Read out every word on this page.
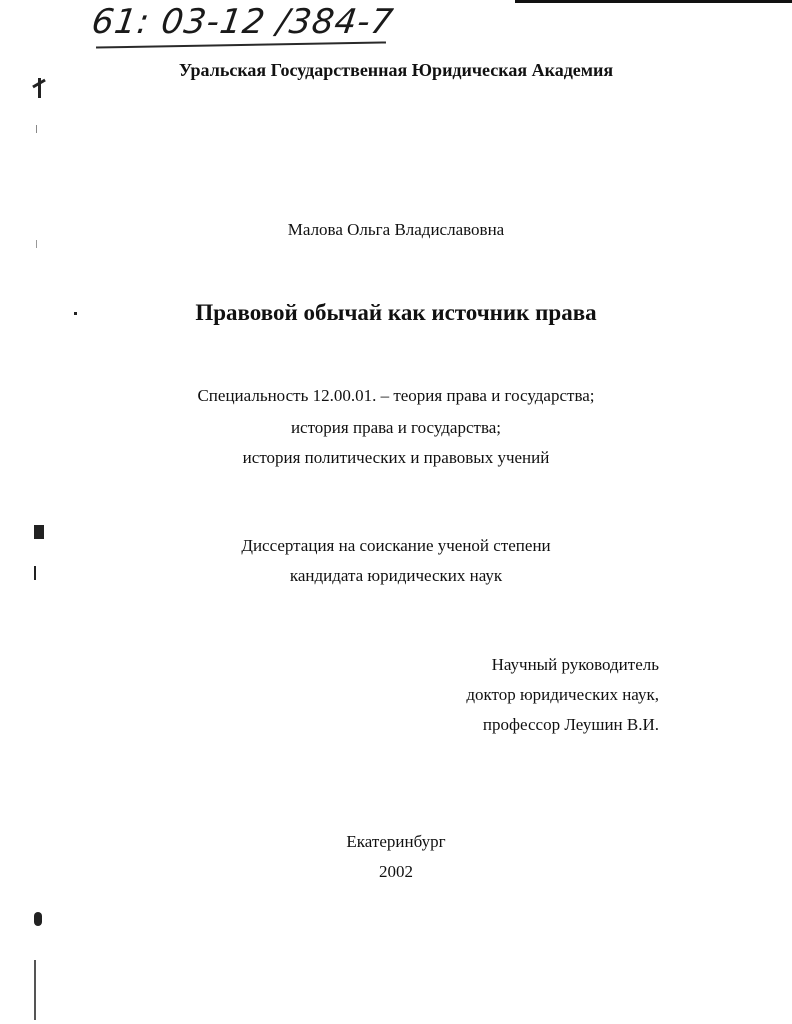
61: 03-12 /384-7
Уральская Государственная Юридическая Академия
Малова Ольга Владиславовна
Правовой обычай как источник права
Специальность 12.00.01. – теория права и государства;
история права и государства;
история политических и правовых учений
Диссертация на соискание ученой степени
кандидата юридических наук
Научный руководитель
доктор юридических наук,
профессор Леушин В.И.
Екатеринбург
2002
